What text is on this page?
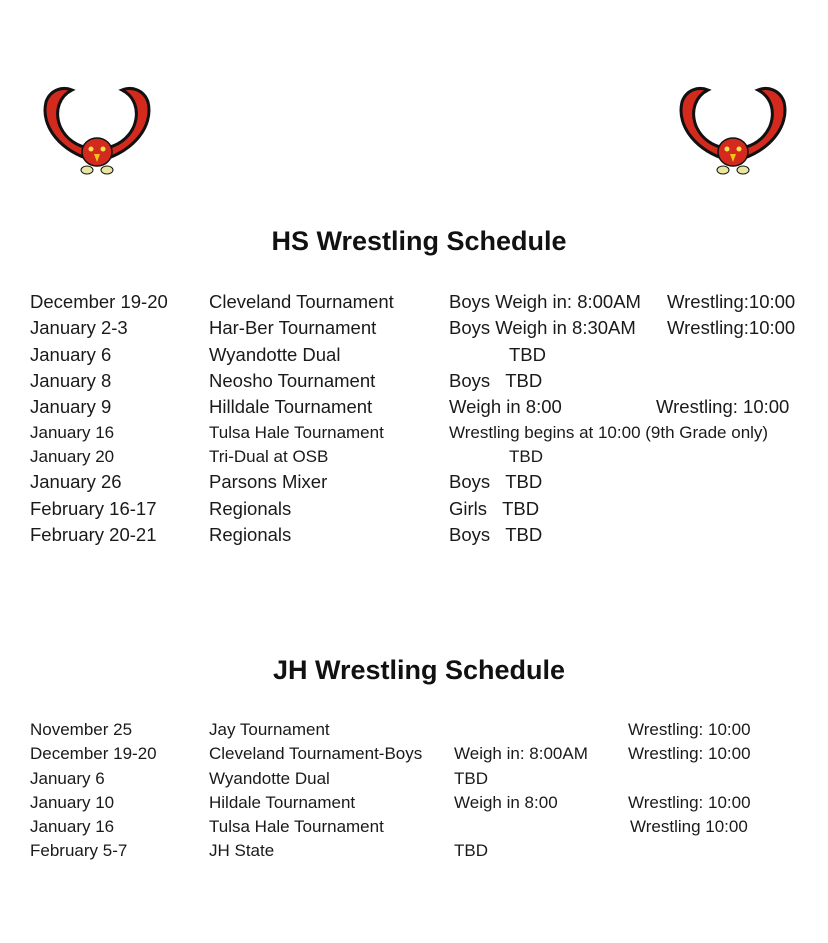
HS Wrestling Schedule
December 19-20 Cleveland Tournament	Boys Weigh in: 8:00AM Wrestling:10:00
January 2-3	Har-Ber Tournament	Boys Weigh in 8:30AM Wrestling:10:00
January 6	Wyandotte Dual	TBD
January 8	Neosho Tournament	Boys   TBD
January 9	Hilldale Tournament	Weigh in 8:00	Wrestling: 10:00
January 16	Tulsa Hale Tournament	Wrestling begins at 10:00 (9th Grade only)
January 20	Tri-Dual at OSB	TBD
January 26	Parsons Mixer	Boys   TBD
February 16-17	Regionals	Girls   TBD
February 20-21	Regionals	Boys   TBD
JH Wrestling Schedule
November 25	Jay Tournament	Wrestling: 10:00
December 19-20	Cleveland Tournament-Boys Weigh in: 8:00AM Wrestling: 10:00
January 6	Wyandotte Dual	TBD
January 10	Hildale Tournament	Weigh in 8:00	Wrestling: 10:00
January 16	Tulsa Hale Tournament	Wrestling 10:00
February 5-7	JH State	TBD
